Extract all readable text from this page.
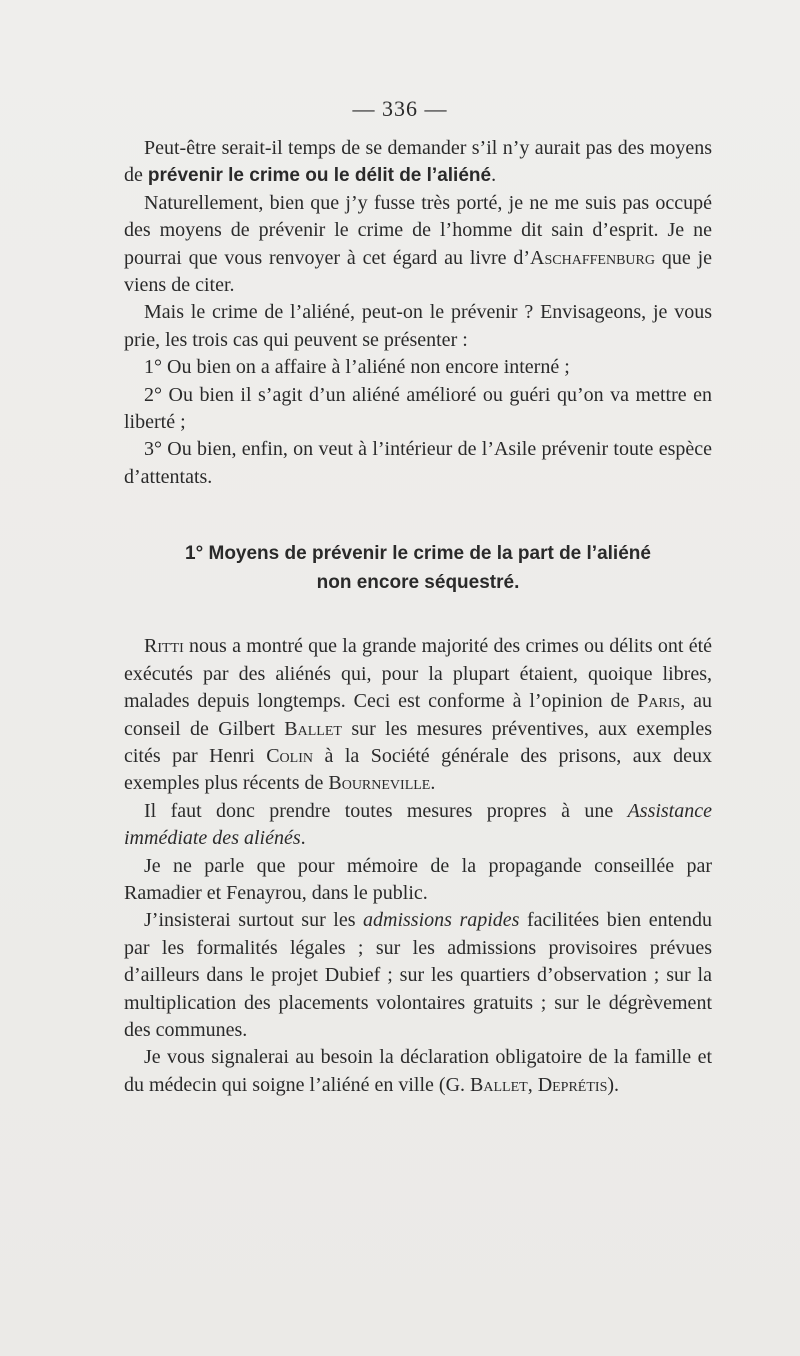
— 336 —

Peut-être serait-il temps de se demander s’il n’y aurait pas des moyens de prévenir le crime ou le délit de l’aliéné.

Naturellement, bien que j’y fusse très porté, je ne me suis pas occupé des moyens de prévenir le crime de l’homme dit sain d’esprit. Je ne pourrai que vous renvoyer à cet égard au livre d’Aschaffenburg que je viens de citer.

Mais le crime de l’aliéné, peut-on le prévenir ? Envisageons, je vous prie, les trois cas qui peuvent se présenter :

1° Ou bien on a affaire à l’aliéné non encore interné ;

2° Ou bien il s’agit d’un aliéné amélioré ou guéri qu’on va mettre en liberté ;

3° Ou bien, enfin, on veut à l’intérieur de l’Asile prévenir toute espèce d’attentats.

1° Moyens de prévenir le crime de la part de l’aliéné
non encore séquestré.

Ritti nous a montré que la grande majorité des crimes ou délits ont été exécutés par des aliénés qui, pour la plupart étaient, quoique libres, malades depuis longtemps. Ceci est conforme à l’opinion de Paris, au conseil de Gilbert Ballet sur les mesures préventives, aux exemples cités par Henri Colin à la Société générale des prisons, aux deux exemples plus récents de Bourneville.

Il faut donc prendre toutes mesures propres à une Assistance immédiate des aliénés.

Je ne parle que pour mémoire de la propagande conseillée par Ramadier et Fenayrou, dans le public.

J’insisterai surtout sur les admissions rapides facilitées bien entendu par les formalités légales ; sur les admissions provisoires prévues d’ailleurs dans le projet Dubief ; sur les quartiers d’observation ; sur la multiplication des placements volontaires gratuits ; sur le dégrèvement des communes.

Je vous signalerai au besoin la déclaration obligatoire de la famille et du médecin qui soigne l’aliéné en ville (G. Ballet, Deprétis).
